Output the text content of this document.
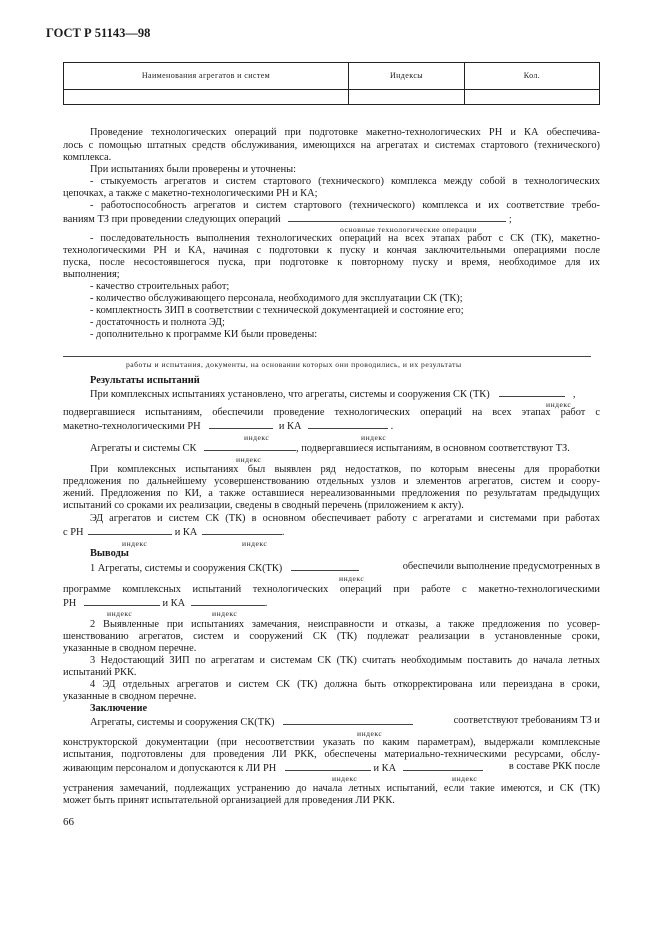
ГОСТ Р 51143—98
Наименования агрегатов и систем	Индексы	Кол.

Проведение технологических операций при подготовке макетно-технологических РН и КА обеспечива-
лось с помощью штатных средств обслуживания, имеющихся на агрегатах и системах стартового (технического)
комплекса.
При испытаниях были проверены и уточнены:
- стыкуемость агрегатов и систем стартового (технического) комплекса между собой в технологических
цепочках, а также с макетно-технологическими РН и КА;
- работоспособность агрегатов и систем стартового (технического) комплекса и их соответствие требо-
ваниям ТЗ при проведении следующих операций	;
основные технологические операции
- последовательность выполнения технологических операций на всех этапах работ с СК (ТК), макетно-
технологическими РН и КА, начиная с подготовки к пуску и кончая заключительными операциями после
пуска, после несостоявшегося пуска, при подготовке к повторному пуску и время, необходимое для их
выполнения;
- качество строительных работ;
- количество обслуживающего персонала, необходимого для эксплуатации СК (ТК);
- комплектность ЗИП в соответствии с технической документацией и состояние его;
- достаточность и полнота ЭД;
- дополнительно к программе КИ были проведены:
работы и испытания, документы, на основании которых они проводились, и их результаты
Результаты испытаний
При комплексных испытаниях установлено, что агрегаты, системы и сооружения СК (ТК)	,
индекс
подвергавшиеся испытаниям, обеспечили проведение технологических операций на всех этапах работ с
макетно-технологическими РН	и КА	.
индекс	индекс
Агрегаты и системы СК	, подвергавшиеся испытаниям, в основном соответствуют ТЗ.
индекс
При комплексных испытаниях был выявлен ряд недостатков, по которым внесены для проработки
предложения по дальнейшему усовершенствованию отдельных узлов и элементов агрегатов, систем и соору-
жений. Предложения по КИ, а также оставшиеся нереализованными предложения по результатам предыдущих
испытаний со сроками их реализации, сведены в сводный перечень (приложением к акту).
ЭД агрегатов и систем СК (ТК) в основном обеспечивает работу с агрегатами и системами при работах
с РН	и КА	.
индекс	индекс
Выводы
1 Агрегаты, системы и сооружения СК(ТК)	обеспечили выполнение предусмотренных в
индекс
программе комплексных испытаний технологических операций при работе с макетно-технологическими
РН	и КА	.
индекс	индекс
2 Выявленные при испытаниях замечания, неисправности и отказы, а также предложения по усовер-
шенствованию агрегатов, систем и сооружений СК (ТК) подлежат реализации в установленные сроки,
указанные в сводном перечне.
3 Недостающий ЗИП по агрегатам и системам СК (ТК) считать необходимым поставить до начала летных
испытаний РКК.
4 ЭД отдельных агрегатов и систем СК (ТК) должна быть откорректирована или переиздана в сроки,
указанные в сводном перечне.
Заключение
Агрегаты, системы и сооружения СК(ТК)	соответствуют требованиям ТЗ и
индекс
конструкторской документации (при несоответствии указать по каким параметрам), выдержали комплексные
испытания, подготовлены для проведения ЛИ РКК, обеспечены материально-техническими ресурсами, обслу-
живающим персоналом и допускаются к ЛИ РН	и КА	в составе РКК после
индекс	индекс
устранения замечаний, подлежащих устранению до начала летных испытаний, если такие имеются, и СК (ТК)
может быть принят испытательной организацией для проведения ЛИ РКК.
66
